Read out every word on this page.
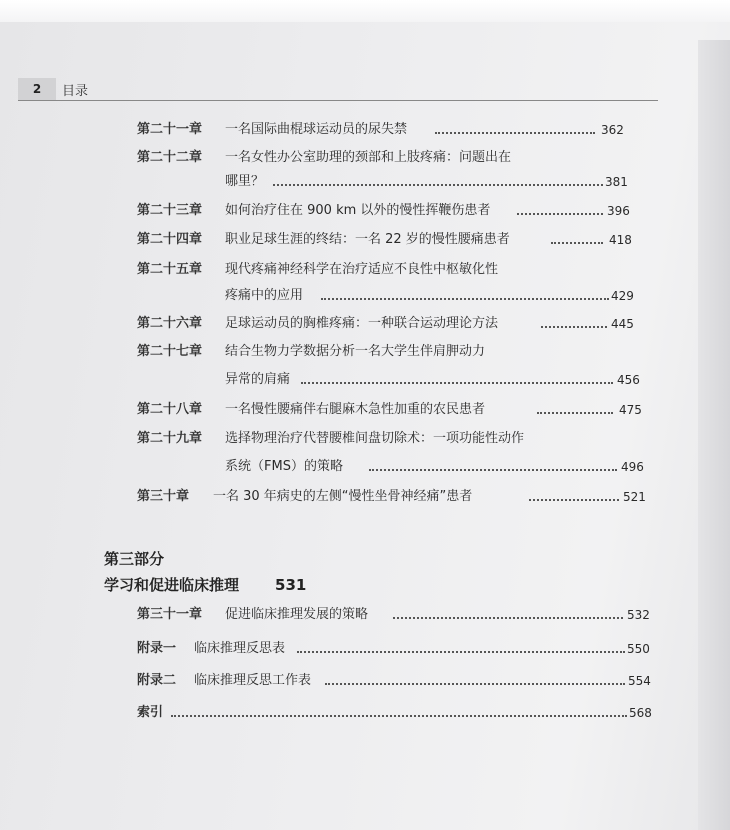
2	目录
第二十一章 一名国际曲棍球运动员的尿失禁	362
第二十二章 一名女性办公室助理的颈部和上肢疼痛：问题出在
哪里？	381
第二十三章 如何治疗住在 900 km 以外的慢性挥鞭伤患者	396
第二十四章 职业足球生涯的终结：一名 22 岁的慢性腰痛患者	418
第二十五章 现代疼痛神经科学在治疗适应不良性中枢敏化性
疼痛中的应用	429
第二十六章 足球运动员的胸椎疼痛：一种联合运动理论方法	445
第二十七章 结合生物力学数据分析一名大学生伴肩胛动力
异常的肩痛	456
第二十八章 一名慢性腰痛伴右腿麻木急性加重的农民患者	475
第二十九章 选择物理治疗代替腰椎间盘切除术：一项功能性动作
系统（FMS）的策略	496
第三十章 一名 30 年病史的左侧“慢性坐骨神经痛”患者	521
第三部分
学习和促进临床推理 531
第三十一章 促进临床推理发展的策略	532
附录一 临床推理反思表	550
附录二 临床推理反思工作表	554
索引	568
